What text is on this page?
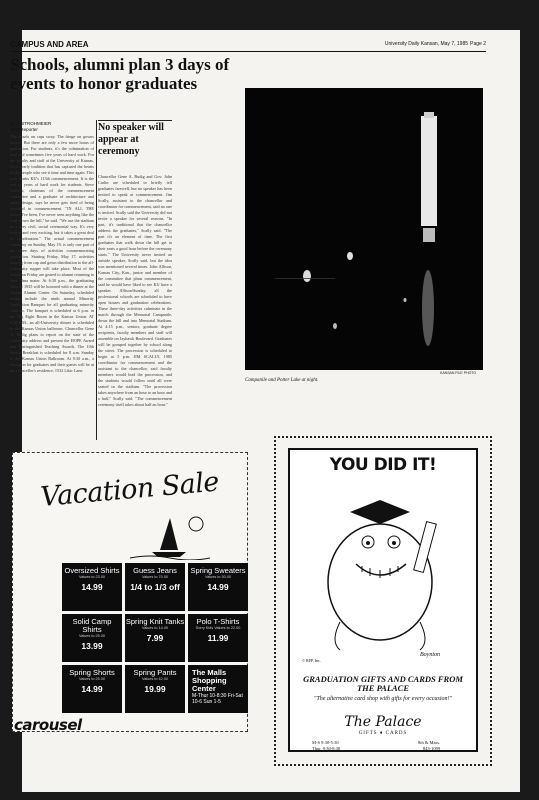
CAMPUS AND AREA	University Daily Kansan, May 7, 1985 Page 2
Schools, alumni plan 3 days of events to honor graduates
By J. STROHMEIER
Staff Reporter
The tassels on caps sway. The fringe on gowns rustles. But there are only a few more hours of graduation. For students, it's the culmination of four and sometimes five years of hard work. For the faculty and staff at the University of Kansas, it's a yearly tradition that has captured the hearts of the people who see it time and time again. This year marks KU's 113th commencement. It is the end of years of hard work for students. Steve Grabow, chairman of the commencement committee and a graduate of architecture and urban design, says he never gets tired of being involved in commencement. "IN ALL THE places I've been, I've never seen anything like the walk down the hill," he said. "We use the stadium as a very civil, social ceremonial way. It's very festive and very exciting, but it takes a great deal of coordination." The actual commencement ceremony on Sunday, May 19, is only one part of the three days of activities commemorating graduation. Starting Friday, May 17, activities ranging from cap and gown distribution to the all-University supper will take place. Most of the events on Friday are geared to alumni returning to their alma mater. At 6:30 p.m., the graduating class of 1935 will be honored with a dinner at the Adams Alumni Center. On Saturday, scheduled events include the ninth annual Minority Graduation Banquet for all graduating minority students. The banquet is scheduled at 6 p.m. in the Big Eight Room in the Kansas Union. AT 6:30 P.M., an all-University dinner is scheduled in the Kansas Union ballroom. Chancellor Gene A. Budig plans to report on the state of the University address and present the HOPE Award and Distinguished Teaching Awards. The 10th Senior Breakfast is scheduled for 8 a.m. Sunday in the Kansas Union Ballroom. At 9:30 a.m., a reception for graduates and their guests will be at the chancellor's residence, 1532 Lilac Lane.
No speaker will appear at ceremony
Chancellor Gene A. Budig and Gov. John Carlin are scheduled to briefly tell graduates farewell, but no speaker has been invited to speak at commencement. Jim Scally, assistant to the chancellor and coordinator for commencement, said no one is invited. Scally said the University did not invite a speaker for several reasons. "In part, it's traditional that the chancellor address the graduates," Scally said. "The part it's an element of time. The first graduates that walk down the hill get to their seats a good hour before the ceremony starts." The University never invited an outside speaker, Scally said, but the idea was mentioned several times. John Allison, Kansas City, Kan., junior and member of the committee that plans commencement, said he would have liked to see KU have a speaker. Allison/Sunday, all the professional schools are scheduled to have open houses and graduation celebrations. These three-day activities culminate in the march through the Memorial Campanile, down the hill and into Memorial Stadium. At 4:15 p.m., seniors, graduate degree recipients, faculty members and staff will assemble on Jayhawk Boulevard. Graduates will be grouped together by school along the street. The procession is scheduled to begin at 5 p.m. JIM SCALLY, 1985 coordinator for commencement and the assistant to the chancellor, said faculty members would lead the procession, and the students would follow until all were seated in the stadium. "The procession takes anywhere from an hour to an hour and a half," Scally said. "The commencement ceremony itself takes about half an hour."
KANSAN FILE PHOTO
Campanile and Potter Lake at night.
Vacation Sale
Oversized Shirts
Values to 23.00
14.99
Guess Jeans
Values to 70.00
1/4 to 1/3 off
Spring Sweaters
Values to 30.00
14.99
Solid Camp Shirts
Values to 25.00
13.99
Spring Knit Tanks
Values to 14.00
7.99
Polo T-Shirts
Sorry Kids Values to 22.00
11.99
Spring Shorts
Values to 25.00
14.99
Spring Pants
Values to 42.00
19.99
The Malls Shopping Center
M-Thur 10-8:30 Fri-Sat 10-6 Sun 1-5
carousel
YOU DID IT!
© RPP, Inc.
Boynton
GRADUATION GIFTS AND CARDS FROM THE PALACE
"The alternative card shop with gifts for every occasion!"
The Palace
GIFTS ♦ CARDS
M-S 9:30-5:30
Thur. 9:30-8:30
8th & Mass.
843-1099
